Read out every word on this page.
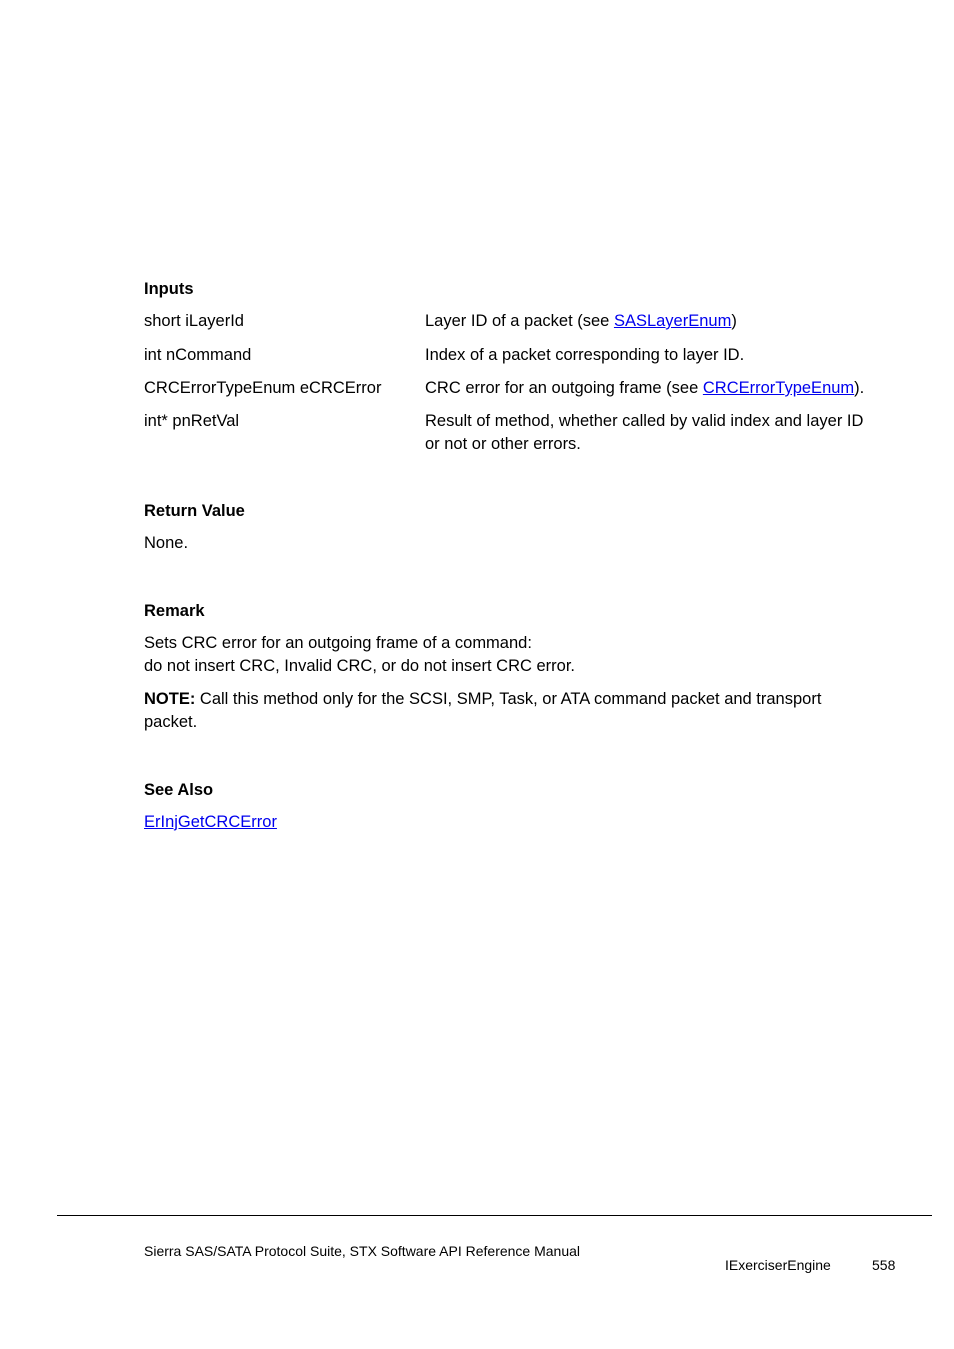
Inputs
short iLayerId	Layer ID of a packet (see SASLayerEnum)
int nCommand	Index of a packet corresponding to layer ID.
CRCErrorTypeEnum eCRCError	CRC error for an outgoing frame (see CRCErrorTypeEnum).
int* pnRetVal	Result of method, whether called by valid index and layer ID
or not or other errors.
Return Value
None.
Remark
Sets CRC error for an outgoing frame of a command:
do not insert CRC, Invalid CRC, or do not insert CRC error.
NOTE: Call this method only for the SCSI, SMP, Task, or ATA command packet and transport
packet.
See Also
ErInjGetCRCError
Sierra SAS/SATA Protocol Suite, STX Software API Reference Manual
IExerciserEngine	558
